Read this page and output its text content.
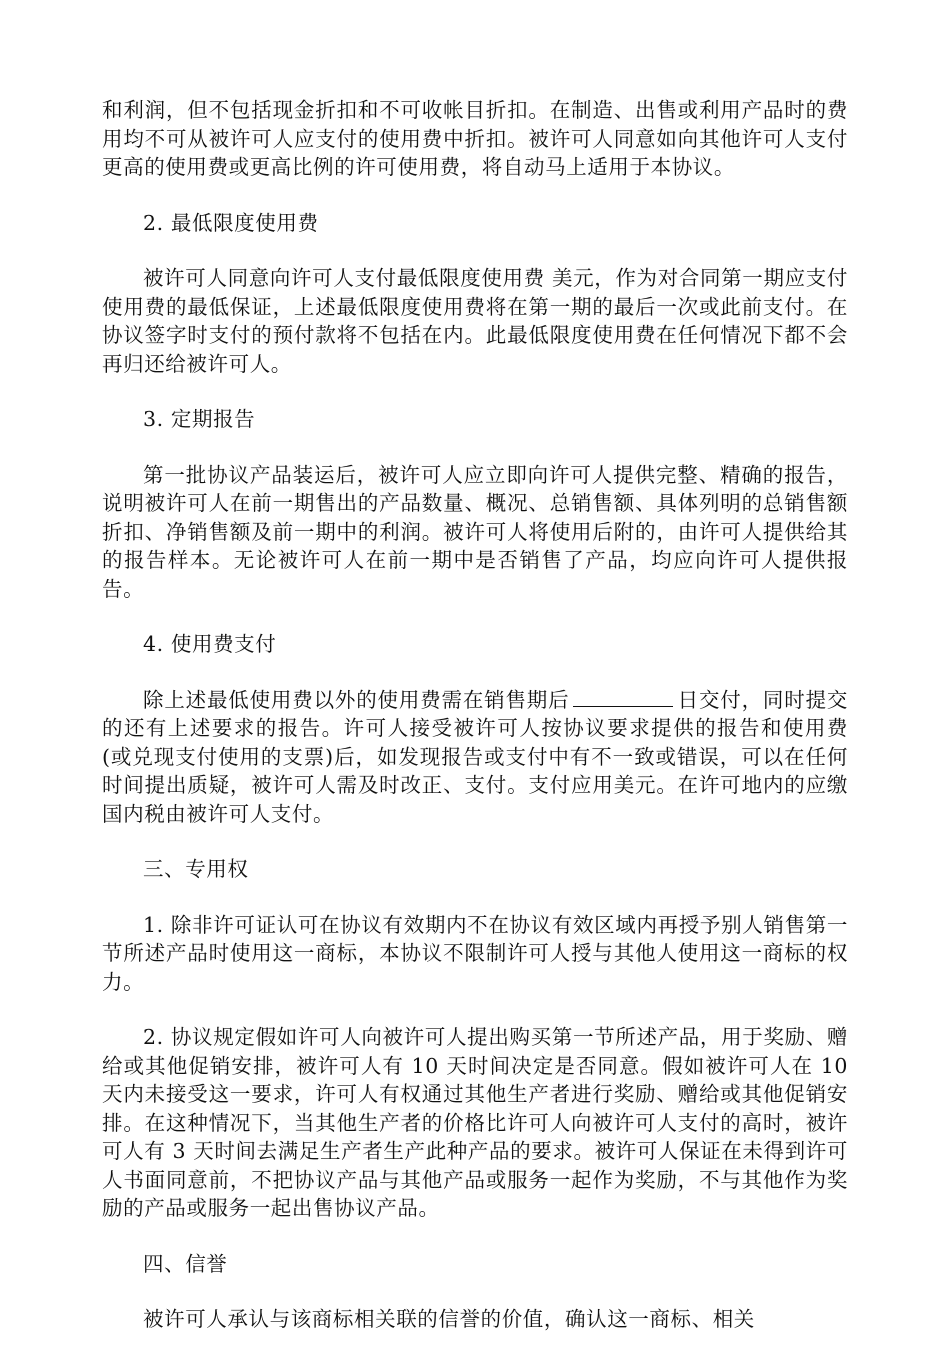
和利润，但不包括现金折扣和不可收帐目折扣。在制造、出售或利用产品时的费用均不可从被许可人应支付的使用费中折扣。被许可人同意如向其他许可人支付更高的使用费或更高比例的许可使用费，将自动马上适用于本协议。

2. 最低限度使用费

被许可人同意向许可人支付最低限度使用费 美元，作为对合同第一期应支付使用费的最低保证，上述最低限度使用费将在第一期的最后一次或此前支付。在协议签字时支付的预付款将不包括在内。此最低限度使用费在任何情况下都不会再归还给被许可人。

3. 定期报告

第一批协议产品装运后，被许可人应立即向许可人提供完整、精确的报告，说明被许可人在前一期售出的产品数量、概况、总销售额、具体列明的总销售额折扣、净销售额及前一期中的利润。被许可人将使用后附的，由许可人提供给其的报告样本。无论被许可人在前一期中是否销售了产品，均应向许可人提供报告。

4. 使用费支付

除上述最低使用费以外的使用费需在销售期后	日交付，同时提交的还有上述要求的报告。许可人接受被许可人按协议要求提供的报告和使用费(或兑现支付使用的支票)后，如发现报告或支付中有不一致或错误，可以在任何时间提出质疑，被许可人需及时改正、支付。支付应用美元。在许可地内的应缴国内税由被许可人支付。

三、专用权

1. 除非许可证认可在协议有效期内不在协议有效区域内再授予别人销售第一节所述产品时使用这一商标，本协议不限制许可人授与其他人使用这一商标的权力。

2. 协议规定假如许可人向被许可人提出购买第一节所述产品，用于奖励、赠给或其他促销安排，被许可人有 10 天时间决定是否同意。假如被许可人在 10 天内未接受这一要求，许可人有权通过其他生产者进行奖励、赠给或其他促销安排。在这种情况下，当其他生产者的价格比许可人向被许可人支付的高时，被许可人有 3 天时间去满足生产者生产此种产品的要求。被许可人保证在未得到许可人书面同意前，不把协议产品与其他产品或服务一起作为奖励，不与其他作为奖励的产品或服务一起出售协议产品。

四、信誉

被许可人承认与该商标相关联的信誉的价值，确认这一商标、相关
